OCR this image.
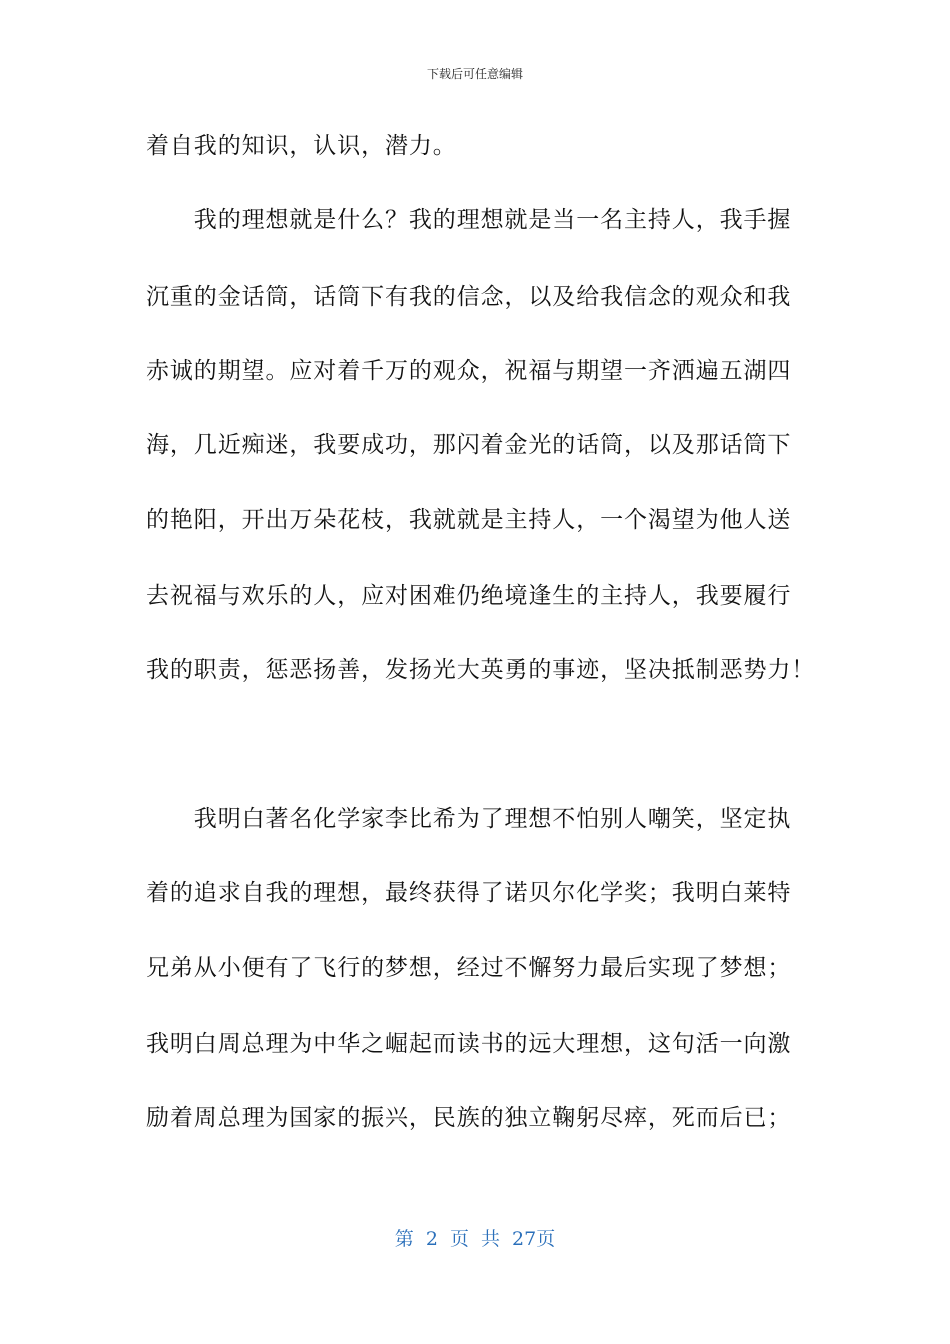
下载后可任意编辑
着自我的知识，认识，潜力。
　　我的理想就是什么？我的理想就是当一名主持人，我手握
沉重的金话筒，话筒下有我的信念，以及给我信念的观众和我
赤诚的期望。应对着千万的观众，祝福与期望一齐洒遍五湖四
海，几近痴迷，我要成功，那闪着金光的话筒，以及那话筒下
的艳阳，开出万朵花枝，我就就是主持人，一个渴望为他人送
去祝福与欢乐的人，应对困难仍绝境逢生的主持人，我要履行
我的职责，惩恶扬善，发扬光大英勇的事迹，坚决抵制恶势力！
　　我明白著名化学家李比希为了理想不怕别人嘲笑，坚定执
着的追求自我的理想，最终获得了诺贝尔化学奖；我明白莱特
兄弟从小便有了飞行的梦想，经过不懈努力最后实现了梦想；
我明白周总理为中华之崛起而读书的远大理想，这句活一向激
励着周总理为国家的振兴，民族的独立鞠躬尽瘁，死而后已；
第 2 页 共 27页
